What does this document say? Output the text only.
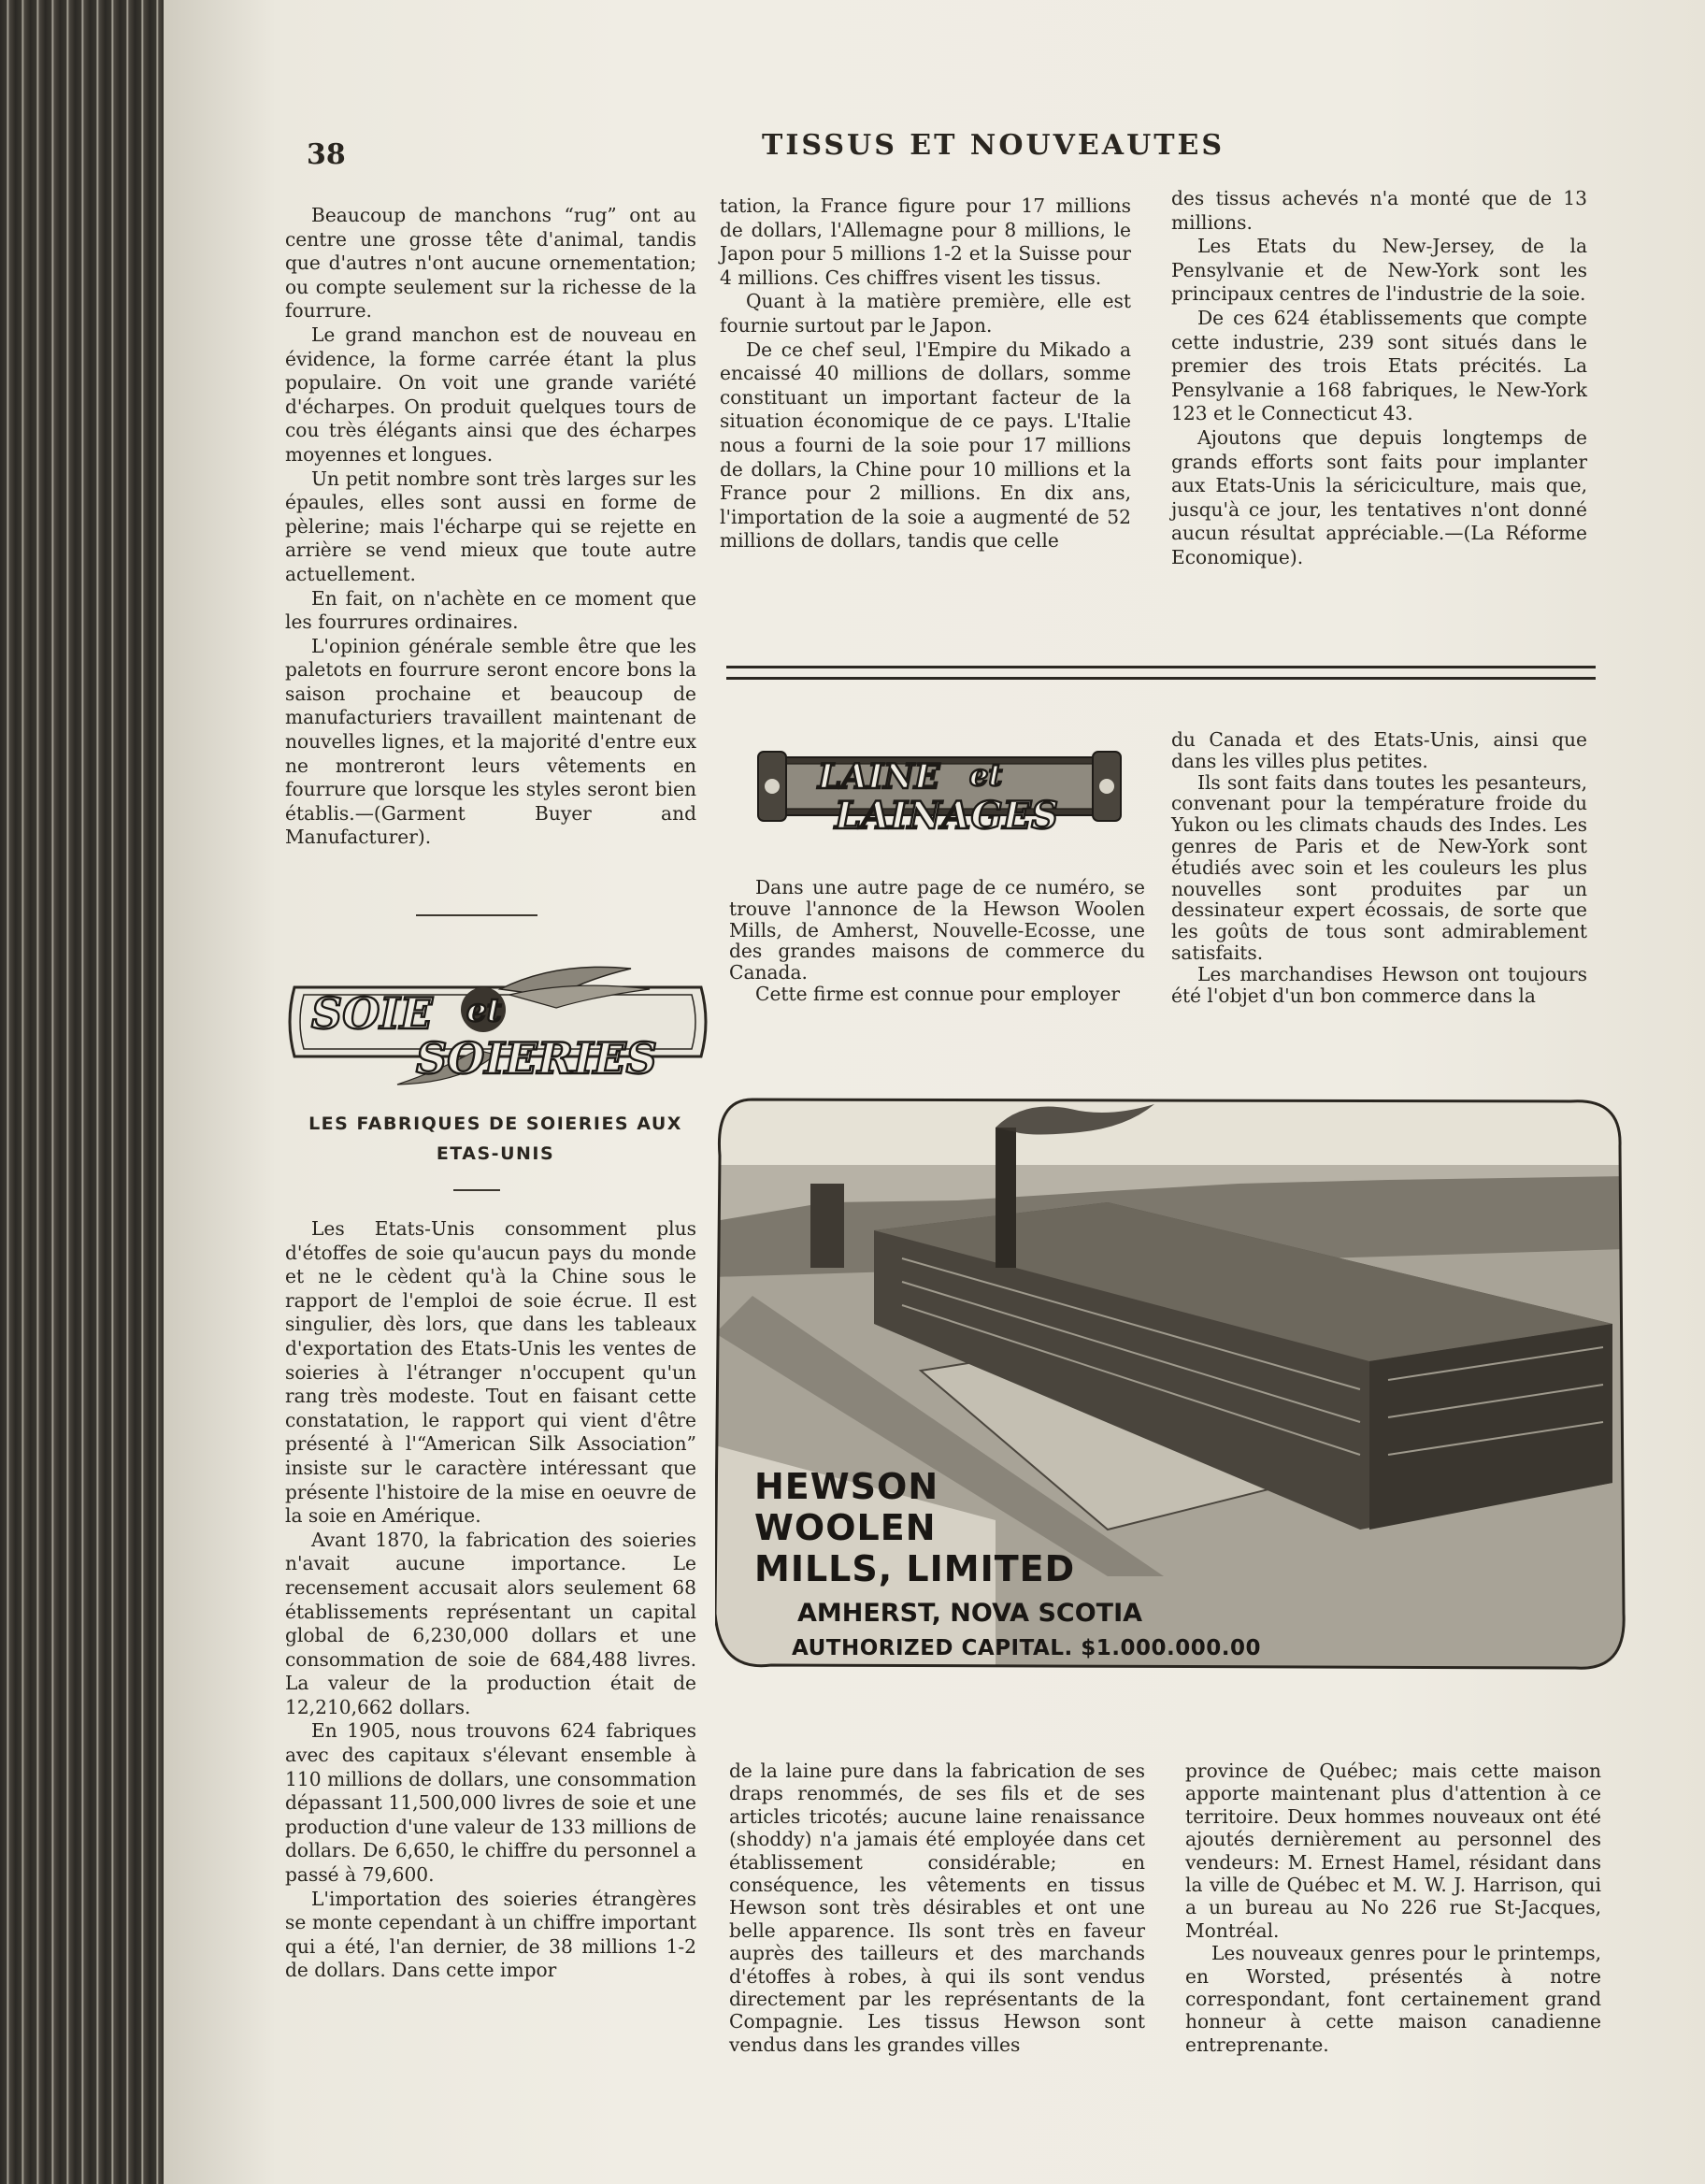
38	TISSUS ET NOUVEAUTES

Beaucoup de manchons “rug” ont au centre une grosse tête d'animal, tandis que d'autres n'ont aucune ornementation; ou compte seulement sur la richesse de la fourrure.

Le grand manchon est de nouveau en évidence, la forme carrée étant la plus populaire. On voit une grande variété d'écharpes. On produit quelques tours de cou très élégants ainsi que des écharpes moyennes et longues.

Un petit nombre sont très larges sur les épaules, elles sont aussi en forme de pèlerine; mais l'écharpe qui se rejette en arrière se vend mieux que toute autre actuellement.

En fait, on n'achète en ce moment que les fourrures ordinaires.

L'opinion générale semble être que les paletots en fourrure seront encore bons la saison prochaine et beaucoup de manufacturiers travaillent maintenant de nouvelles lignes, et la majorité d'entre eux ne montreront leurs vêtements en fourrure que lorsque les styles seront bien établis.—(Garment Buyer and Manufacturer).

SOIE et
SOIERIES
LES FABRIQUES DE SOIERIES AUX
ETAS-UNIS

Les Etats-Unis consomment plus d'étoffes de soie qu'aucun pays du monde et ne le cèdent qu'à la Chine sous le rapport de l'emploi de soie écrue. Il est singulier, dès lors, que dans les tableaux d'exportation des Etats-Unis les ventes de soieries à l'étranger n'occupent qu'un rang très modeste. Tout en faisant cette constatation, le rapport qui vient d'être présenté à l'“American Silk Association” insiste sur le caractère intéressant que présente l'histoire de la mise en oeuvre de la soie en Amérique.

Avant 1870, la fabrication des soieries n'avait aucune importance. Le recensement accusait alors seulement 68 établissements représentant un capital global de 6,230,000 dollars et une consommation de soie de 684,488 livres. La valeur de la production était de 12,210,662 dollars.

En 1905, nous trouvons 624 fabriques avec des capitaux s'élevant ensemble à 110 millions de dollars, une consommation dépassant 11,500,000 livres de soie et une production d'une valeur de 133 millions de dollars. De 6,650, le chiffre du personnel a passé à 79,600.

L'importation des soieries étrangères se monte cependant à un chiffre important qui a été, l'an dernier, de 38 millions 1-2 de dollars. Dans cette impor

tation, la France figure pour 17 millions de dollars, l'Allemagne pour 8 millions, le Japon pour 5 millions 1-2 et la Suisse pour 4 millions. Ces chiffres visent les tissus.

Quant à la matière première, elle est fournie surtout par le Japon.

De ce chef seul, l'Empire du Mikado a encaissé 40 millions de dollars, somme constituant un important facteur de la situation économique de ce pays. L'Italie nous a fourni de la soie pour 17 millions de dollars, la Chine pour 10 millions et la France pour 2 millions. En dix ans, l'importation de la soie a augmenté de 52 millions de dollars, tandis que celle

des tissus achevés n'a monté que de 13 millions.

Les Etats du New-Jersey, de la Pensylvanie et de New-York sont les principaux centres de l'industrie de la soie.

De ces 624 établissements que compte cette industrie, 239 sont situés dans le premier des trois Etats précités. La Pensylvanie a 168 fabriques, le New-York 123 et le Connecticut 43.

Ajoutons que depuis longtemps de grands efforts sont faits pour implanter aux Etats-Unis la sériciculture, mais que, jusqu'à ce jour, les tentatives n'ont donné aucun résultat appréciable.—(La Réforme Economique).

LAINE et
LAINAGES

Dans une autre page de ce numéro, se trouve l'annonce de la Hewson Woolen Mills, de Amherst, Nouvelle-Ecosse, une des grandes maisons de commerce du Canada.

Cette firme est connue pour employer

du Canada et des Etats-Unis, ainsi que dans les villes plus petites.

Ils sont faits dans toutes les pesanteurs, convenant pour la température froide du Yukon ou les climats chauds des Indes. Les genres de Paris et de New-York sont étudiés avec soin et les couleurs les plus nouvelles sont produites par un dessinateur expert écossais, de sorte que les goûts de tous sont admirablement satisfaits.

Les marchandises Hewson ont toujours été l'objet d'un bon commerce dans la

HEWSON
WOOLEN
MILLS, LIMITED
AMHERST, NOVA SCOTIA
AUTHORIZED CAPITAL. $1.000.000.00

de la laine pure dans la fabrication de ses draps renommés, de ses fils et de ses articles tricotés; aucune laine renaissance (shoddy) n'a jamais été employée dans cet établissement considérable; en conséquence, les vêtements en tissus Hewson sont très désirables et ont une belle apparence. Ils sont très en faveur auprès des tailleurs et des marchands d'étoffes à robes, à qui ils sont vendus directement par les représentants de la Compagnie. Les tissus Hewson sont vendus dans les grandes villes

province de Québec; mais cette maison apporte maintenant plus d'attention à ce territoire. Deux hommes nouveaux ont été ajoutés dernièrement au personnel des vendeurs: M. Ernest Hamel, résidant dans la ville de Québec et M. W. J. Harrison, qui a un bureau au No 226 rue St-Jacques, Montréal.

Les nouveaux genres pour le printemps, en Worsted, présentés à notre correspondant, font certainement grand honneur à cette maison canadienne entreprenante.
